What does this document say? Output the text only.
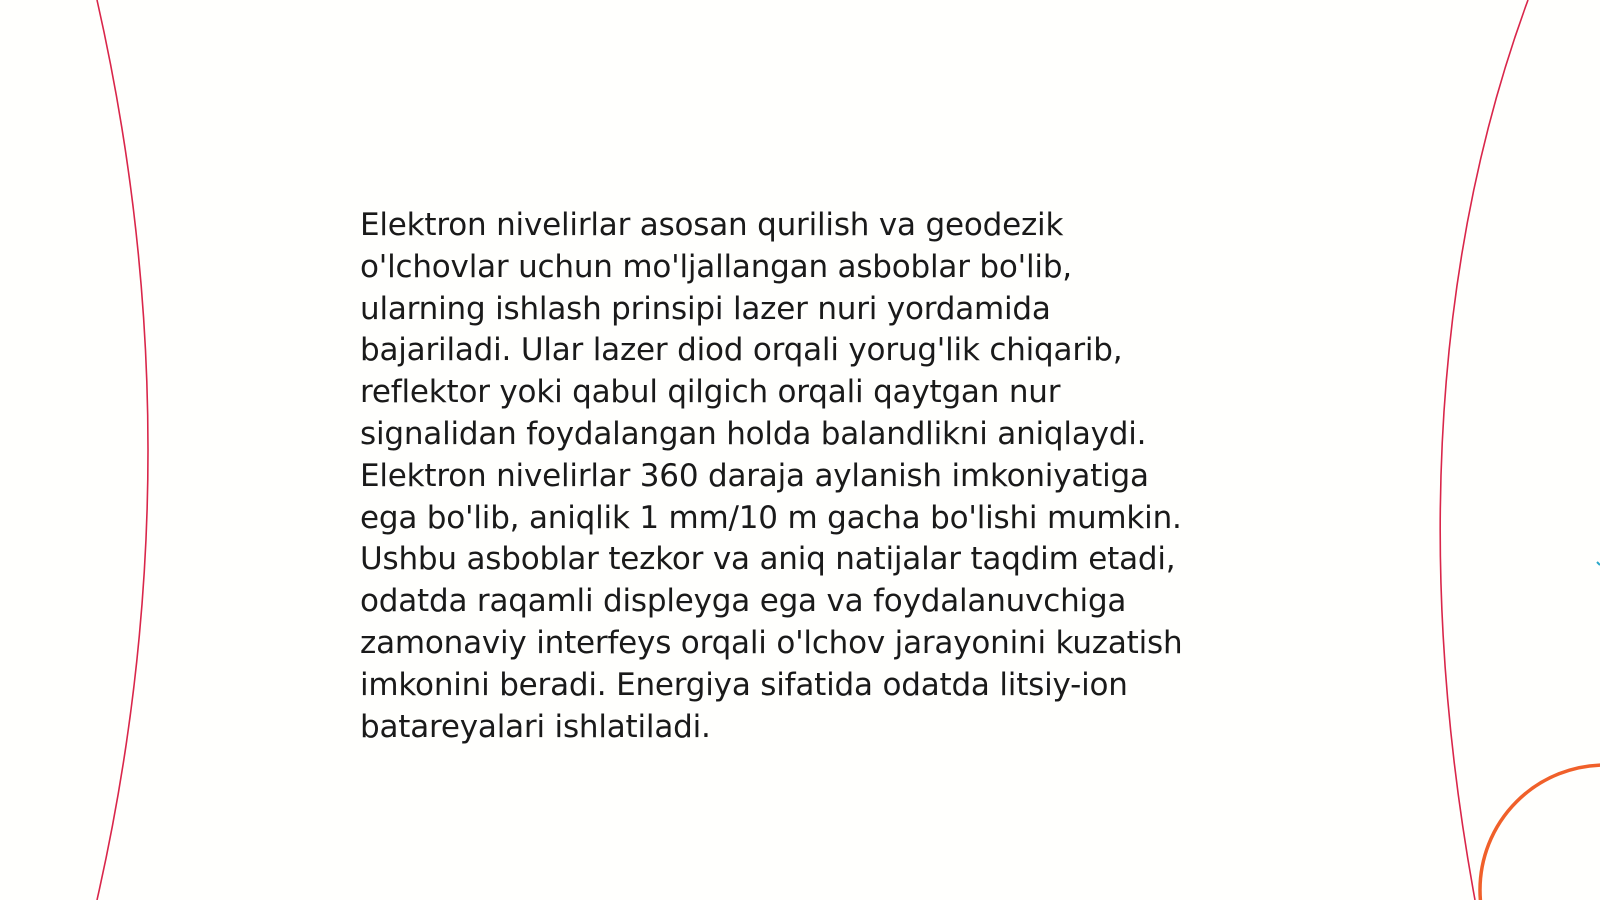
Elektron nivelirlar asosan qurilish va geodezik
o'lchovlar uchun mo'ljallangan asboblar bo'lib,
ularning ishlash prinsipi lazer nuri yordamida
bajariladi. Ular lazer diod orqali yorug'lik chiqarib,
reflektor yoki qabul qilgich orqali qaytgan nur
signalidan foydalangan holda balandlikni aniqlaydi.
Elektron nivelirlar 360 daraja aylanish imkoniyatiga
ega bo'lib, aniqlik 1 mm/10 m gacha bo'lishi mumkin.
Ushbu asboblar tezkor va aniq natijalar taqdim etadi,
odatda raqamli displeyga ega va foydalanuvchiga
zamonaviy interfeys orqali o'lchov jarayonini kuzatish
imkonini beradi. Energiya sifatida odatda litsiy-ion
batareyalari ishlatiladi.
